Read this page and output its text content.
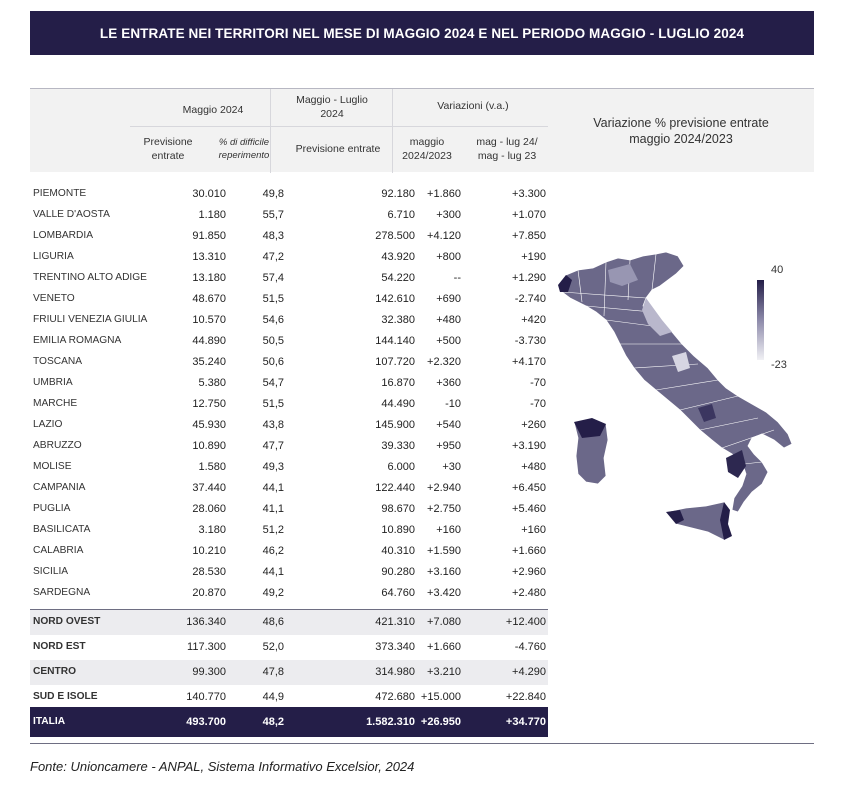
LE ENTRATE NEI TERRITORI NEL MESE DI MAGGIO 2024 E NEL PERIODO MAGGIO - LUGLIO 2024
Maggio 2024
Maggio - Luglio
2024
Variazioni (v.a.)
Previsione
entrate
% di difficile
reperimento
Previsione entrate
maggio
2024/2023
mag - lug 24/
mag - lug 23
Variazione % previsione entrate
maggio 2024/2023
PIEMONTE	30.010	49,8	92.180 +1.860	+3.300
VALLE D'AOSTA	1.180	55,7	6.710 +300	+1.070
LOMBARDIA	91.850	48,3	278.500 +4.120	+7.850
LIGURIA	13.310	47,2	43.920 +800	+190
TRENTINO ALTO ADIGE	13.180	57,4	54.220	--	+1.290
VENETO	48.670	51,5	142.610 +690	-2.740
FRIULI VENEZIA GIULIA	10.570	54,6	32.380 +480	+420
EMILIA ROMAGNA	44.890	50,5	144.140 +500	-3.730
TOSCANA	35.240	50,6	107.720 +2.320	+4.170
UMBRIA	5.380	54,7	16.870 +360	-70
MARCHE	12.750	51,5	44.490	-10	-70
LAZIO	45.930	43,8	145.900 +540	+260
ABRUZZO	10.890	47,7	39.330 +950	+3.190
MOLISE	1.580	49,3	6.000 +30	+480
CAMPANIA	37.440	44,1	122.440 +2.940	+6.450
PUGLIA	28.060	41,1	98.670 +2.750	+5.460
BASILICATA	3.180	51,2	10.890 +160	+160
CALABRIA	10.210	46,2	40.310 +1.590	+1.660
SICILIA	28.530	44,1	90.280 +3.160	+2.960
SARDEGNA	20.870	49,2	64.760 +3.420	+2.480
NORD OVEST	136.340	48,6	421.310 +7.080	+12.400
NORD EST	117.300	52,0	373.340 +1.660	-4.760
CENTRO	99.300	47,8	314.980 +3.210	+4.290
SUD E ISOLE	140.770	44,9	472.680 +15.000	+22.840
ITALIA	493.700	48,2	1.582.310 +26.950	+34.770
40
-23
Fonte: Unioncamere - ANPAL, Sistema Informativo Excelsior, 2024
